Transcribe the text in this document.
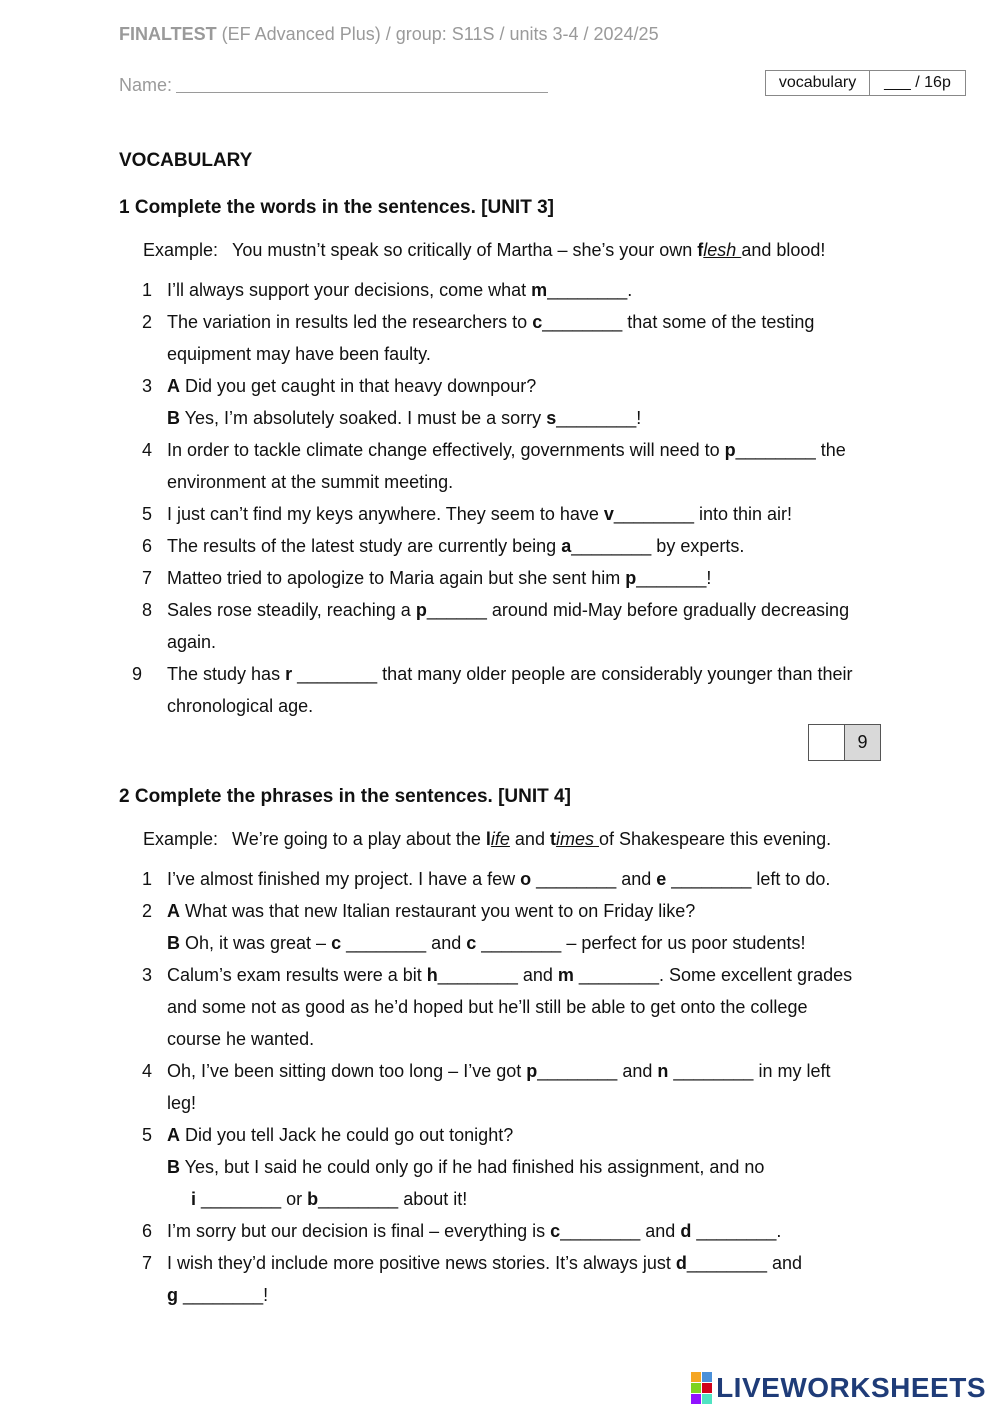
FINALTEST (EF Advanced Plus) / group: S11S / units 3-4 / 2024/25
Name:	vocabulary	___ / 16p
VOCABULARY
1 Complete the words in the sentences. [UNIT 3]
Example: You mustn’t speak so critically of Martha – she’s your own flesh and blood!
1 I’ll always support your decisions, come what m________.
2 The variation in results led the researchers to c________ that some of the testing
equipment may have been faulty.
3 A Did you get caught in that heavy downpour?
B Yes, I’m absolutely soaked. I must be a sorry s________!
4 In order to tackle climate change effectively, governments will need to p________ the
environment at the summit meeting.
5 I just can’t find my keys anywhere. They seem to have v________ into thin air!
6 The results of the latest study are currently being a________ by experts.
7 Matteo tried to apologize to Maria again but she sent him p_______!
8 Sales rose steadily, reaching a p______ around mid-May before gradually decreasing
again.
9 The study has r ________ that many older people are considerably younger than their
chronological age.
9
2 Complete the phrases in the sentences. [UNIT 4]
Example: We’re going to a play about the life and times of Shakespeare this evening.
1 I’ve almost finished my project. I have a few o ________ and e ________ left to do.
2 A What was that new Italian restaurant you went to on Friday like?
B Oh, it was great – c ________ and c ________ – perfect for us poor students!
3 Calum’s exam results were a bit h________ and m ________. Some excellent grades
and some not as good as he’d hoped but he’ll still be able to get onto the college
course he wanted.
4 Oh, I’ve been sitting down too long – I’ve got p________ and n ________ in my left
leg!
5 A Did you tell Jack he could go out tonight?
B Yes, but I said he could only go if he had finished his assignment, and no
i ________ or b________ about it!
6 I’m sorry but our decision is final – everything is c________ and d ________.
7 I wish they’d include more positive news stories. It’s always just d________ and
g ________!
LIVEWORKSHEETS
